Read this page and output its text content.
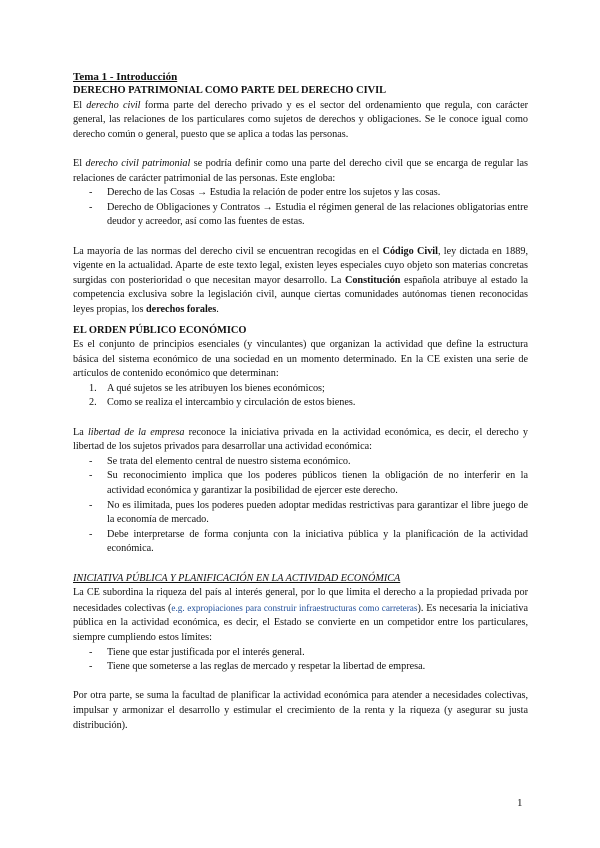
Tema 1 - Introducción
DERECHO PATRIMONIAL COMO PARTE DEL DERECHO CIVIL

El derecho civil forma parte del derecho privado y es el sector del ordenamiento que regula, con carácter general, las relaciones de los particulares como sujetos de derechos y obligaciones. Se le conoce igual como derecho común o general, puesto que se aplica a todas las personas.

El derecho civil patrimonial se podría definir como una parte del derecho civil que se encarga de regular las relaciones de carácter patrimonial de las personas. Este engloba:

- Derecho de las Cosas → Estudia la relación de poder entre los sujetos y las cosas.
- Derecho de Obligaciones y Contratos → Estudia el régimen general de las relaciones obligatorias entre deudor y acreedor, así como las fuentes de estas.

La mayoría de las normas del derecho civil se encuentran recogidas en el Código Civil, ley dictada en 1889, vigente en la actualidad. Aparte de este texto legal, existen leyes especiales cuyo objeto son materias concretas surgidas con posterioridad o que necesitan mayor desarrollo. La Constitución española atribuye al estado la competencia exclusiva sobre la legislación civil, aunque ciertas comunidades autónomas tienen reconocidas leyes propias, los derechos forales.

EL ORDEN PÚBLICO ECONÓMICO

Es el conjunto de principios esenciales (y vinculantes) que organizan la actividad que define la estructura básica del sistema económico de una sociedad en un momento determinado. En la CE existen una serie de artículos de contenido económico que determinan:

1. A qué sujetos se les atribuyen los bienes económicos;
2. Como se realiza el intercambio y circulación de estos bienes.

La libertad de la empresa reconoce la iniciativa privada en la actividad económica, es decir, el derecho y libertad de los sujetos privados para desarrollar una actividad económica:

- Se trata del elemento central de nuestro sistema económico.
- Su reconocimiento implica que los poderes públicos tienen la obligación de no interferir en la actividad económica y garantizar la posibilidad de ejercer este derecho.
- No es ilimitada, pues los poderes pueden adoptar medidas restrictivas para garantizar el libre juego de la economía de mercado.
- Debe interpretarse de forma conjunta con la iniciativa pública y la planificación de la actividad económica.
INICIATIVA PÚBLICA Y PLANIFICACIÓN EN LA ACTIVIDAD ECONÓMICA

La CE subordina la riqueza del país al interés general, por lo que limita el derecho a la propiedad privada por necesidades colectivas (e.g. expropiaciones para construir infraestructuras como carreteras). Es necesaria la iniciativa pública en la actividad económica, es decir, el Estado se convierte en un competidor entre los particulares, siempre cumpliendo estos límites:

- Tiene que estar justificada por el interés general.
- Tiene que someterse a las reglas de mercado y respetar la libertad de empresa.

Por otra parte, se suma la facultad de planificar la actividad económica para atender a necesidades colectivas, impulsar y armonizar el desarrollo y estimular el crecimiento de la renta y la riqueza (y asegurar su justa distribución).

1
